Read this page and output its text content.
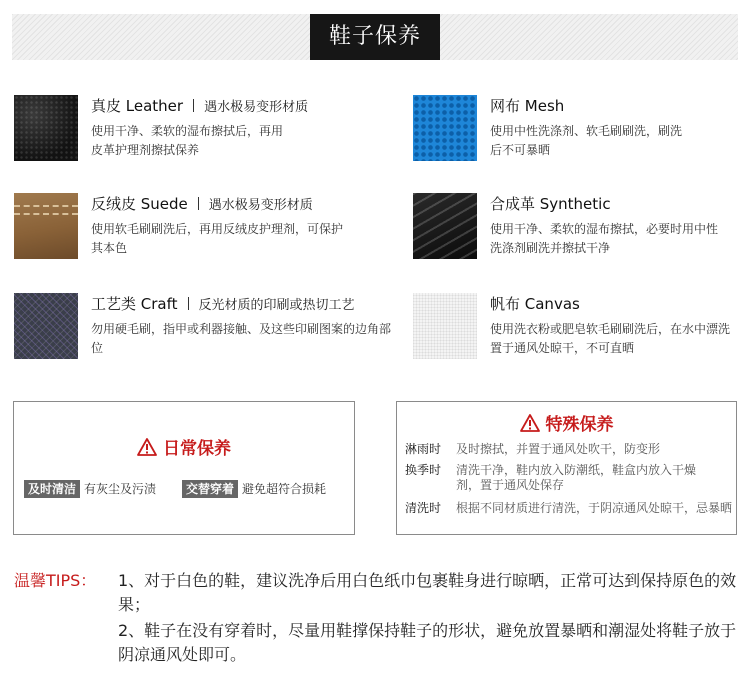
鞋子保养
真皮 Leather 遇水极易变形材质
使用干净、柔软的湿布擦拭后，再用皮革护理剂擦拭保养
网布 Mesh
使用中性洗涤剂、软毛刷刷洗，刷洗后不可暴晒
反绒皮 Suede 遇水极易变形材质
使用软毛刷刷洗后，再用反绒皮护理剂，可保护其本色
合成革 Synthetic
使用干净、柔软的湿布擦拭，必要时用中性洗涤剂刷洗并擦拭干净
工艺类 Craft 反光材质的印刷或热切工艺
勿用硬毛刷，指甲或利器接触、及这些印刷图案的边角部位
帆布 Canvas
使用洗衣粉或肥皂软毛刷刷洗后，在水中漂洗置于通风处晾干，不可直晒
日常保养
及时清洁 有灰尘及污渍	交替穿着 避免超符合损耗
特殊保养
淋雨时 及时擦拭，并置于通风处吹干，防变形
换季时 清洗干净，鞋内放入防潮纸，鞋盒内放入干燥剂，置于通风处保存
清洗时 根据不同材质进行清洗，于阴凉通风处晾干，忌暴晒
温馨TIPS： 1、对于白色的鞋，建议洗净后用白色纸巾包裹鞋身进行晾晒，正常可达到保持原色的效果；
2、鞋子在没有穿着时，尽量用鞋撑保持鞋子的形状，避免放置暴晒和潮湿处将鞋子放于阴凉通风处即可。
